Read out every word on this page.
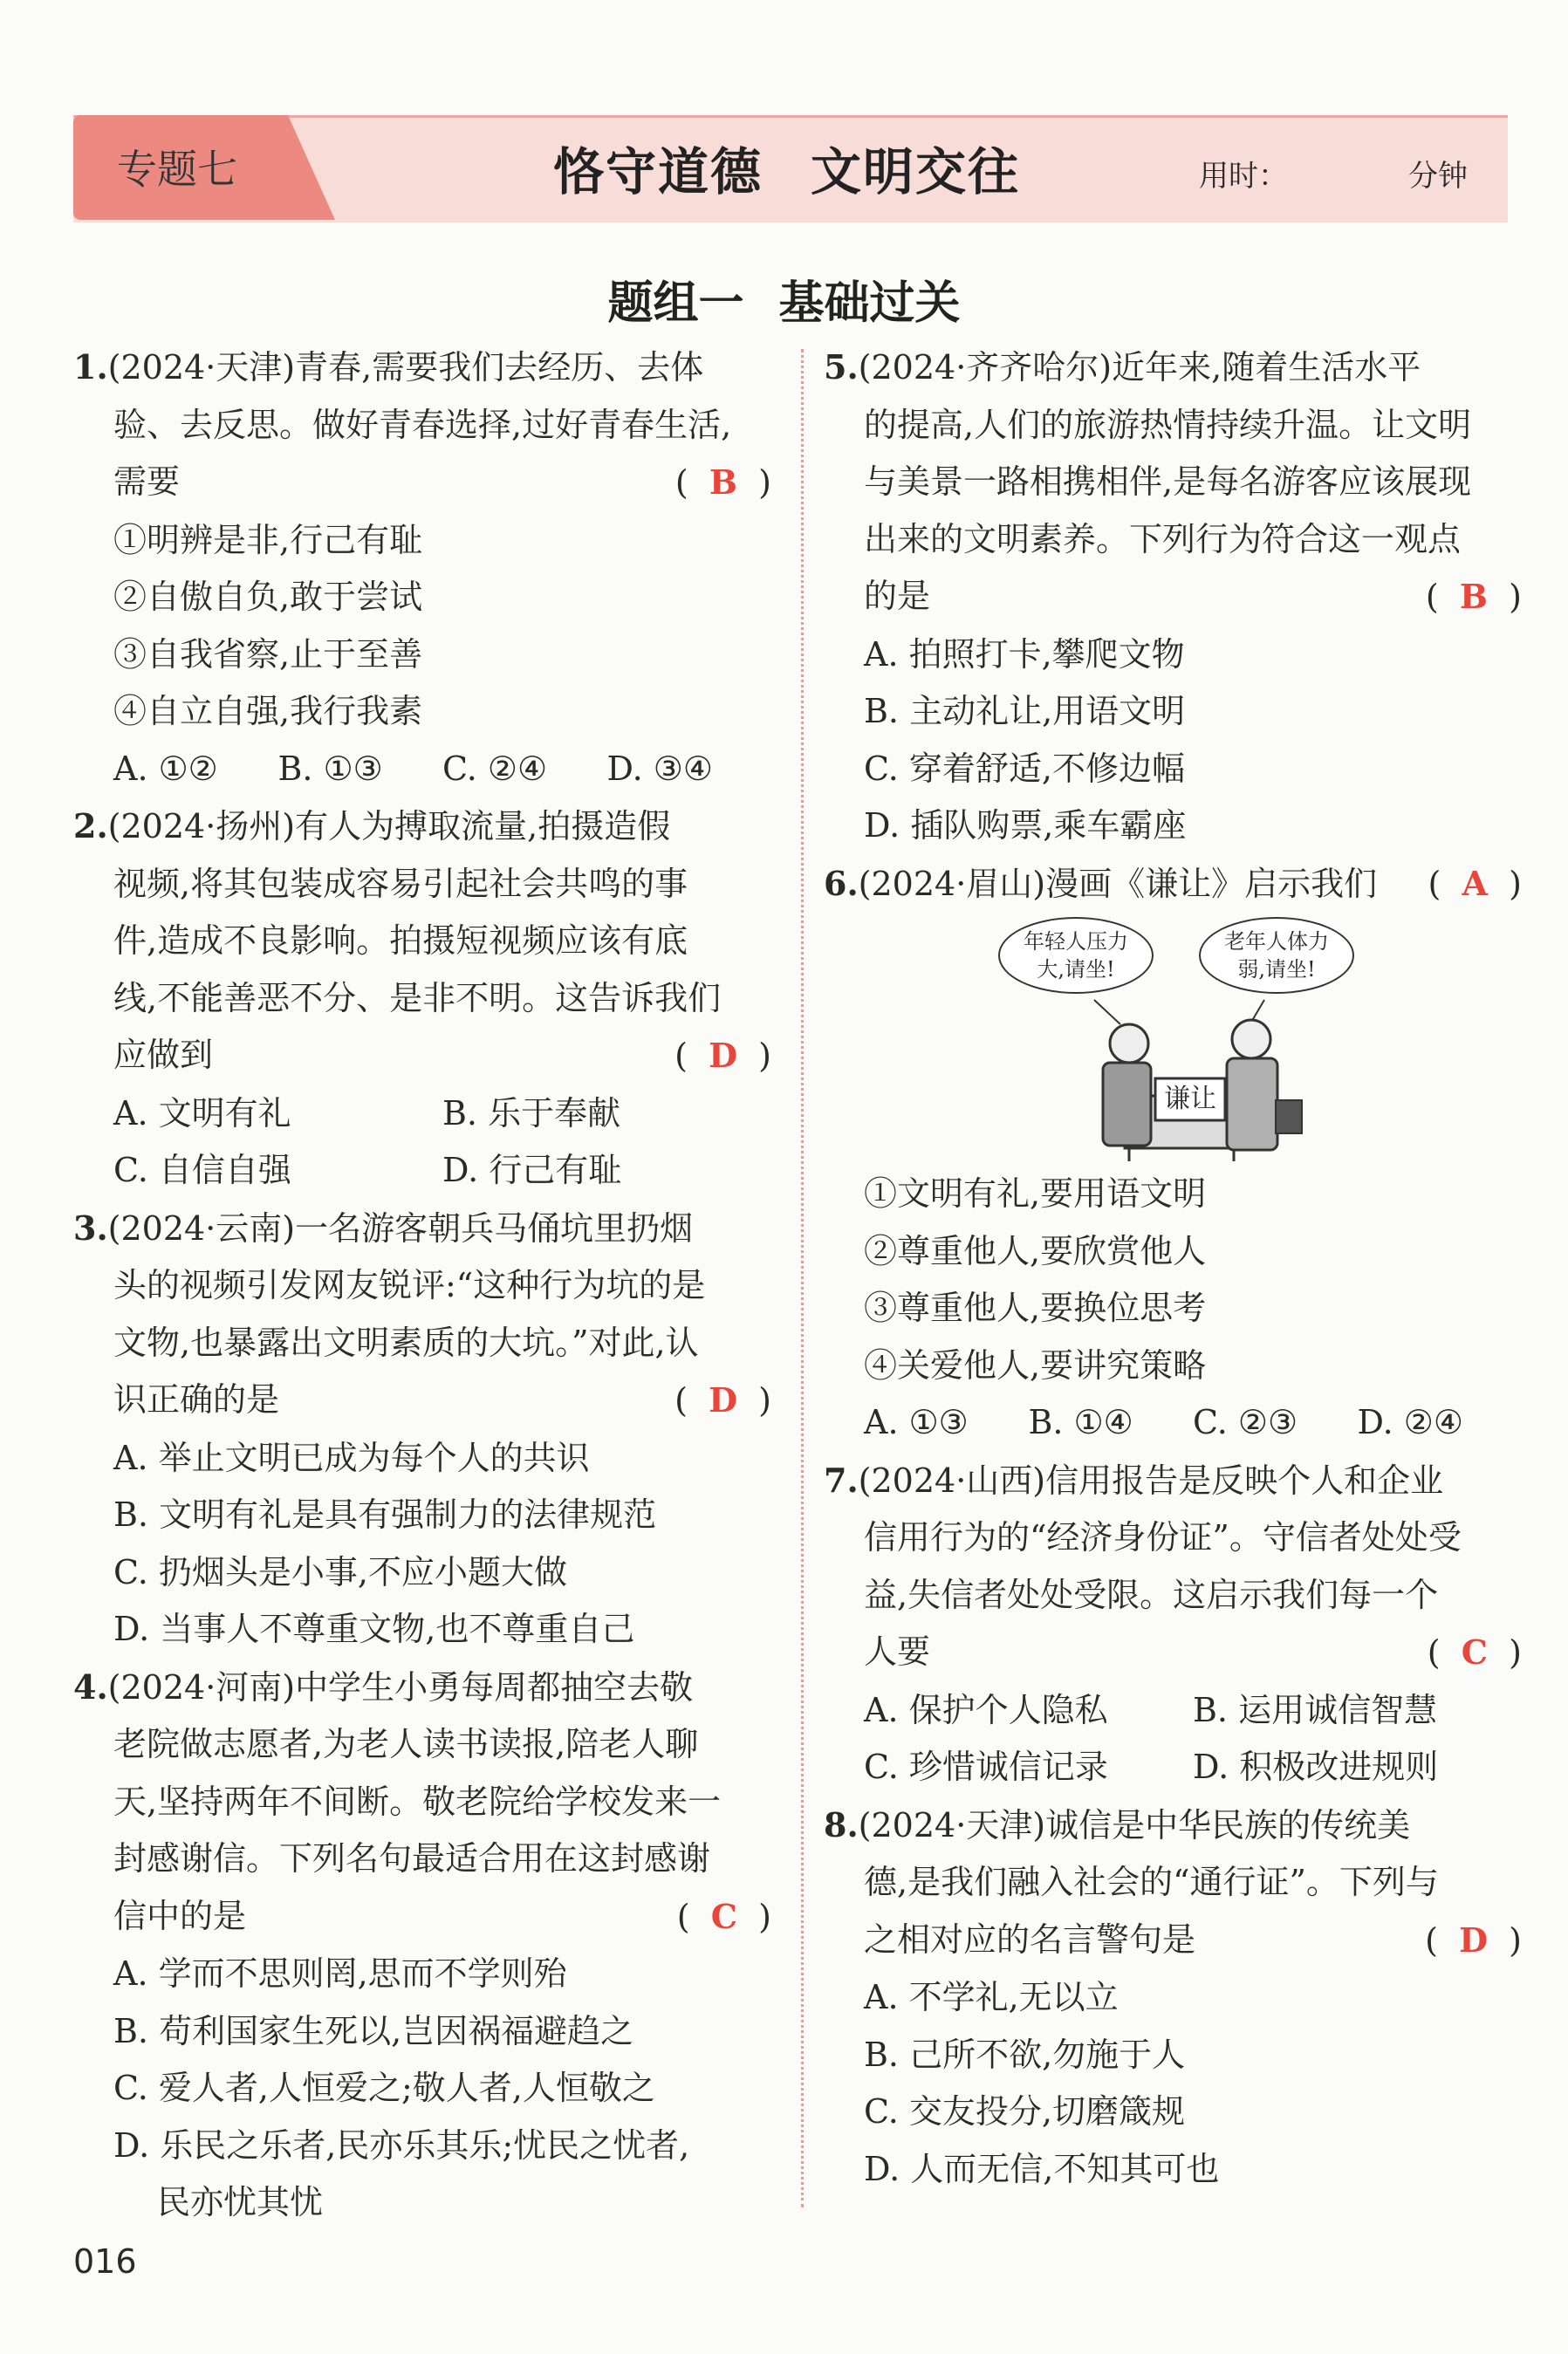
专题七	恪守道德 文明交往	用时：	分钟
题组一 基础过关
1.(2024·天津)青春,需要我们去经历、去体
验、去反思。做好青春选择,过好青春生活,
需要	(  B  )
①明辨是非,行己有耻
②自傲自负,敢于尝试
③自我省察,止于至善
④自立自强,我行我素
A. ①②	B. ①③	C. ②④	D. ③④
2.(2024·扬州)有人为搏取流量,拍摄造假
视频,将其包装成容易引起社会共鸣的事
件,造成不良影响。拍摄短视频应该有底
线,不能善恶不分、是非不明。这告诉我们
应做到	(  D  )
A. 文明有礼	B. 乐于奉献
C. 自信自强	D. 行己有耻
3.(2024·云南)一名游客朝兵马俑坑里扔烟
头的视频引发网友锐评:“这种行为坑的是
文物,也暴露出文明素质的大坑。”对此,认
识正确的是	(  D  )
A. 举止文明已成为每个人的共识
B. 文明有礼是具有强制力的法律规范
C. 扔烟头是小事,不应小题大做
D. 当事人不尊重文物,也不尊重自己
4.(2024·河南)中学生小勇每周都抽空去敬
老院做志愿者,为老人读书读报,陪老人聊
天,坚持两年不间断。敬老院给学校发来一
封感谢信。下列名句最适合用在这封感谢
信中的是	(  C  )
A. 学而不思则罔,思而不学则殆
B. 苟利国家生死以,岂因祸福避趋之
C. 爱人者,人恒爱之;敬人者,人恒敬之
D. 乐民之乐者,民亦乐其乐;忧民之忧者,
民亦忧其忧
5.(2024·齐齐哈尔)近年来,随着生活水平
的提高,人们的旅游热情持续升温。让文明
与美景一路相携相伴,是每名游客应该展现
出来的文明素养。下列行为符合这一观点
的是	(  B  )
A. 拍照打卡,攀爬文物
B. 主动礼让,用语文明
C. 穿着舒适,不修边幅
D. 插队购票,乘车霸座
6.(2024·眉山)漫画《谦让》启示我们 (  A  )
年轻人压力大,请坐!
老年人体力弱,请坐!
谦让
①文明有礼,要用语文明
②尊重他人,要欣赏他人
③尊重他人,要换位思考
④关爱他人,要讲究策略
A. ①③	B. ①④	C. ②③	D. ②④
7.(2024·山西)信用报告是反映个人和企业
信用行为的“经济身份证”。守信者处处受
益,失信者处处受限。这启示我们每一个
人要	(  C  )
A. 保护个人隐私	B. 运用诚信智慧
C. 珍惜诚信记录	D. 积极改进规则
8.(2024·天津)诚信是中华民族的传统美
德,是我们融入社会的“通行证”。下列与
之相对应的名言警句是	(  D  )
A. 不学礼,无以立
B. 己所不欲,勿施于人
C. 交友投分,切磨箴规
D. 人而无信,不知其可也
016
